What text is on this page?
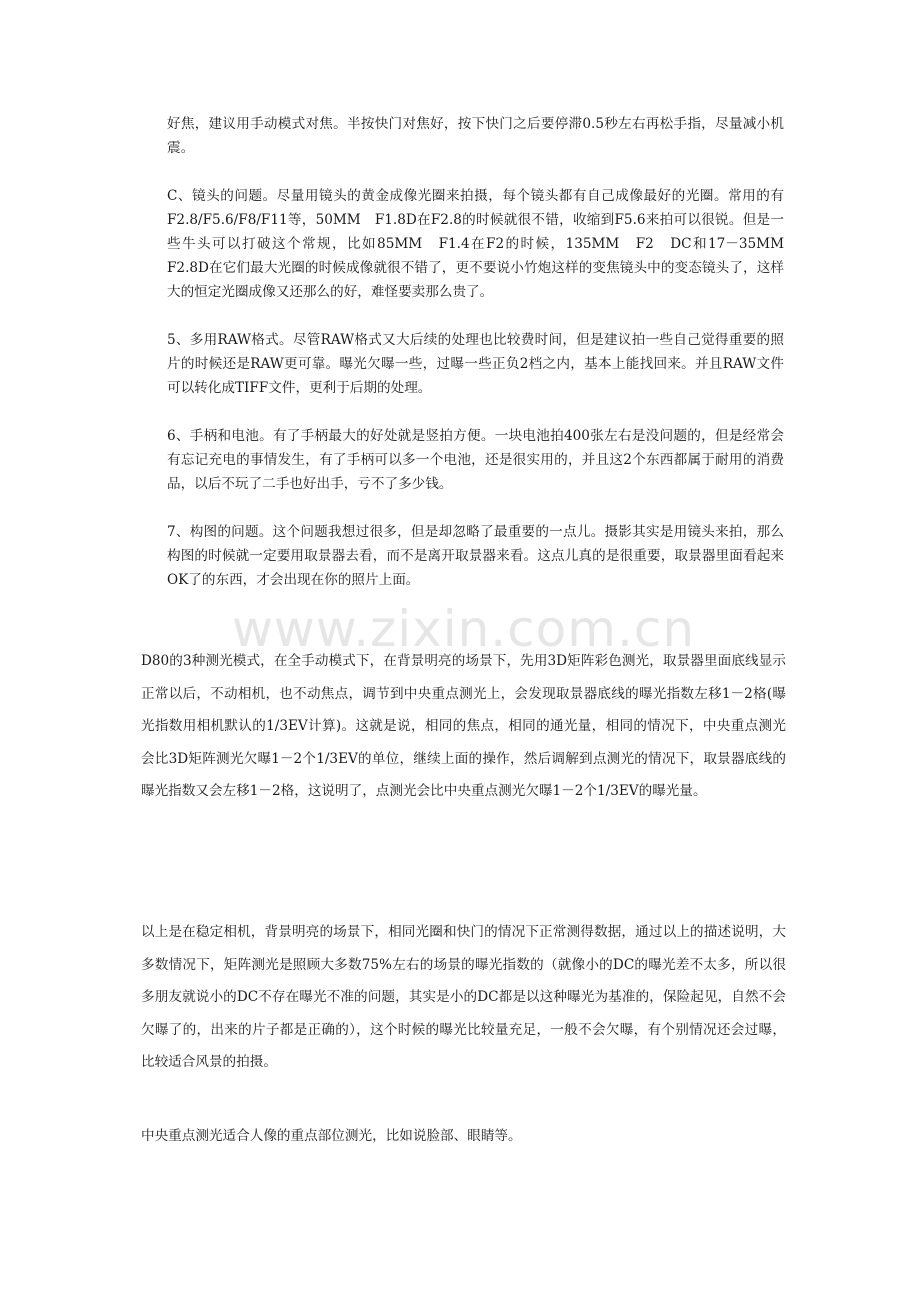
www.zixin.com.cn

好焦，建议用手动模式对焦。半按快门对焦好，按下快门之后要停滞0.5秒左右再松手指，尽量减小机震。

C、镜头的问题。尽量用镜头的黄金成像光圈来拍摄，每个镜头都有自己成像最好的光圈。常用的有F2.8/F5.6/F8/F11等，50MM　F1.8D在F2.8的时候就很不错，收缩到F5.6来拍可以很锐。但是一些牛头可以打破这个常规，比如85MM　F1.4在F2的时候，135MM　F2　DC和17－35MM　F2.8D在它们最大光圈的时候成像就很不错了，更不要说小竹炮这样的变焦镜头中的变态镜头了，这样大的恒定光圈成像又还那么的好，难怪要卖那么贵了。

5、多用RAW格式。尽管RAW格式又大后续的处理也比较费时间，但是建议拍一些自己觉得重要的照片的时候还是RAW更可靠。曝光欠曝一些，过曝一些正负2档之内，基本上能找回来。并且RAW文件可以转化成TIFF文件，更利于后期的处理。

6、手柄和电池。有了手柄最大的好处就是竖拍方便。一块电池拍400张左右是没问题的，但是经常会有忘记充电的事情发生，有了手柄可以多一个电池，还是很实用的，并且这2个东西都属于耐用的消费品，以后不玩了二手也好出手，亏不了多少钱。

7、构图的问题。这个问题我想过很多，但是却忽略了最重要的一点儿。摄影其实是用镜头来拍，那么构图的时候就一定要用取景器去看，而不是离开取景器来看。这点儿真的是很重要，取景器里面看起来OK了的东西，才会出现在你的照片上面。

D80的3种测光模式，在全手动模式下，在背景明亮的场景下，先用3D矩阵彩色测光，取景器里面底线显示正常以后，不动相机，也不动焦点，调节到中央重点测光上，会发现取景器底线的曝光指数左移1－2格(曝光指数用相机默认的1/3EV计算)。这就是说，相同的焦点，相同的通光量，相同的情况下，中央重点测光会比3D矩阵测光欠曝1－2个1/3EV的单位，继续上面的操作，然后调解到点测光的情况下，取景器底线的曝光指数又会左移1－2格，这说明了，点测光会比中央重点测光欠曝1－2个1/3EV的曝光量。

以上是在稳定相机，背景明亮的场景下，相同光圈和快门的情况下正常测得数据，通过以上的描述说明，大多数情况下，矩阵测光是照顾大多数75%左右的场景的曝光指数的（就像小的DC的曝光差不太多，所以很多朋友就说小的DC不存在曝光不准的问题，其实是小的DC都是以这种曝光为基准的，保险起见，自然不会欠曝了的，出来的片子都是正确的），这个时候的曝光比较量充足，一般不会欠曝，有个别情况还会过曝，比较适合风景的拍摄。

中央重点测光适合人像的重点部位测光，比如说脸部、眼睛等。
